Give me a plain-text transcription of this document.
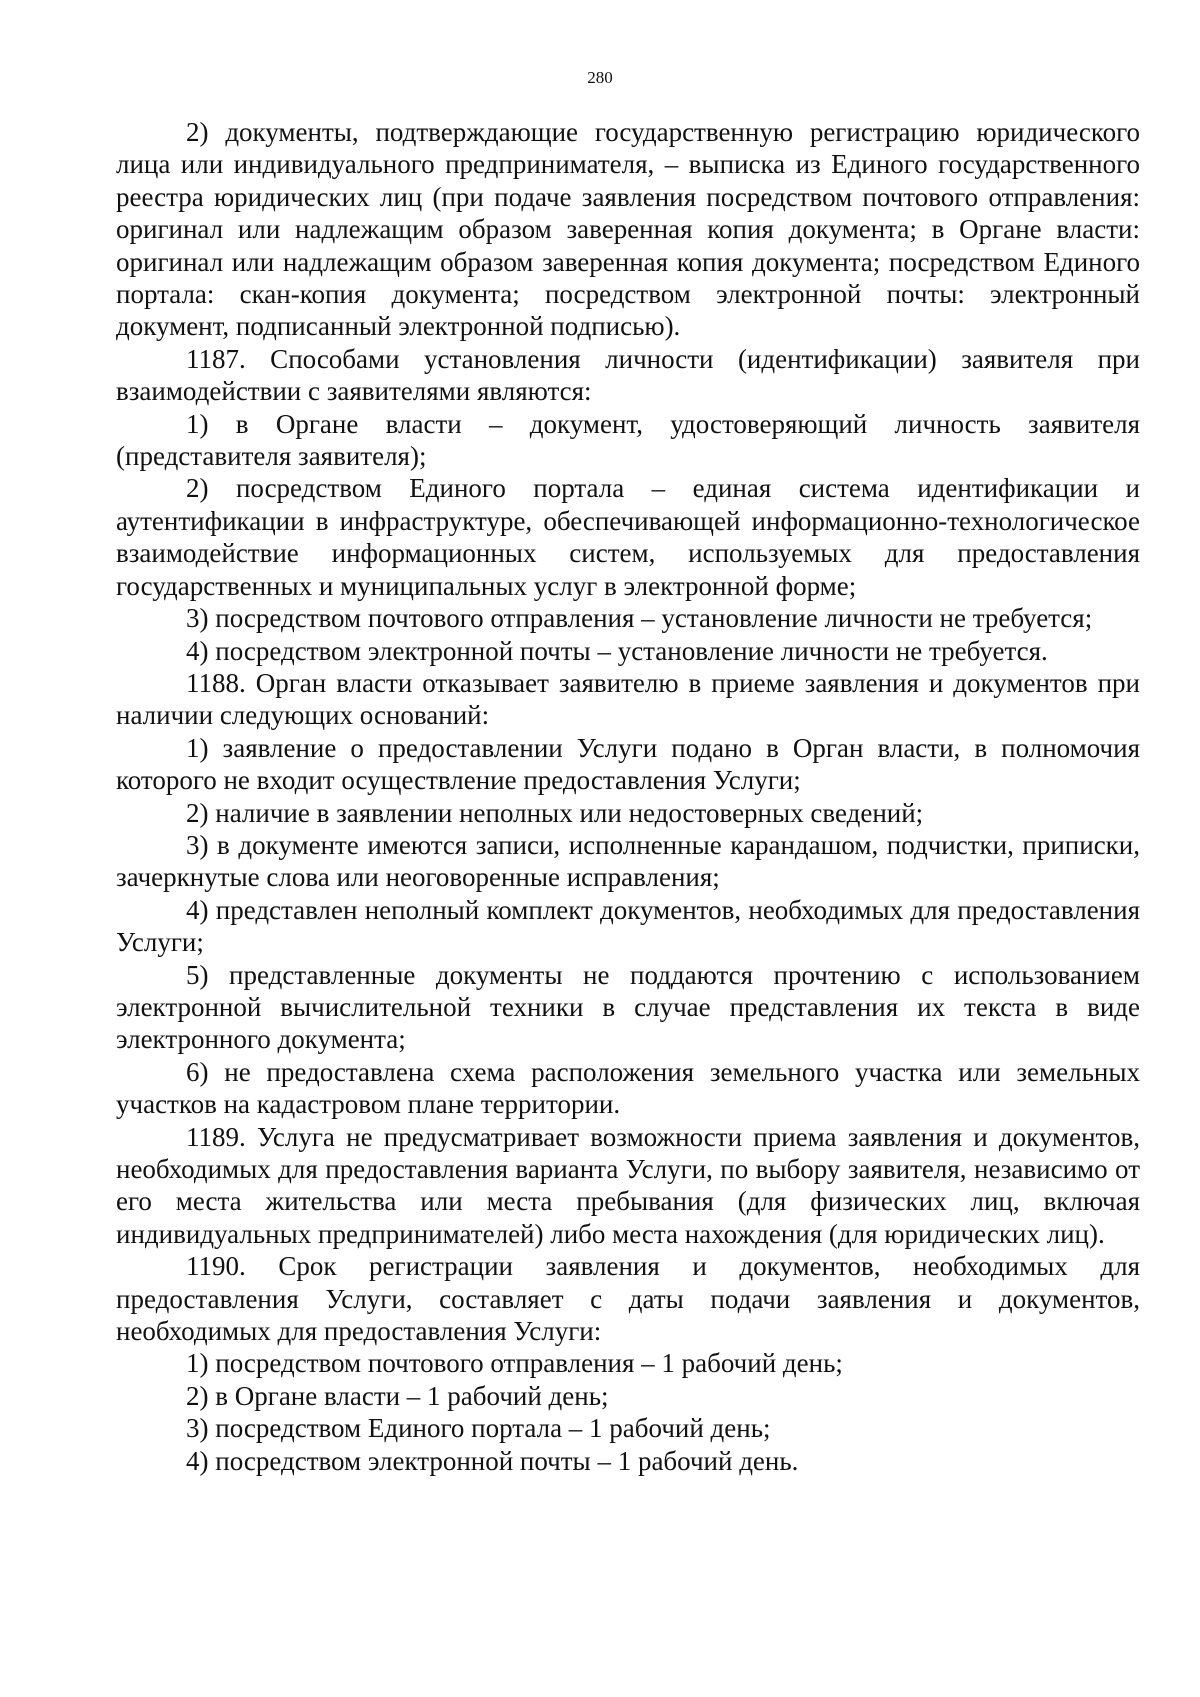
280

2) документы, подтверждающие государственную регистрацию юридического лица или индивидуального предпринимателя, – выписка из Единого государственного реестра юридических лиц (при подаче заявления посредством почтового отправления: оригинал или надлежащим образом заверенная копия документа; в Органе власти: оригинал или надлежащим образом заверенная копия документа; посредством Единого портала: скан-копия документа; посредством электронной почты: электронный документ, подписанный электронной подписью).

1187. Способами установления личности (идентификации) заявителя при взаимодействии с заявителями являются:

1) в Органе власти – документ, удостоверяющий личность заявителя (представителя заявителя);

2) посредством Единого портала – единая система идентификации и аутентификации в инфраструктуре, обеспечивающей информационно-технологическое взаимодействие информационных систем, используемых для предоставления государственных и муниципальных услуг в электронной форме;

3) посредством почтового отправления – установление личности не требуется;

4) посредством электронной почты – установление личности не требуется.

1188. Орган власти отказывает заявителю в приеме заявления и документов при наличии следующих оснований:

1) заявление о предоставлении Услуги подано в Орган власти, в полномочия которого не входит осуществление предоставления Услуги;

2) наличие в заявлении неполных или недостоверных сведений;

3) в документе имеются записи, исполненные карандашом, подчистки, приписки, зачеркнутые слова или неоговоренные исправления;

4) представлен неполный комплект документов, необходимых для предоставления Услуги;

5) представленные документы не поддаются прочтению с использованием электронной вычислительной техники в случае представления их текста в виде электронного документа;

6) не предоставлена схема расположения земельного участка или земельных участков на кадастровом плане территории.

1189. Услуга не предусматривает возможности приема заявления и документов, необходимых для предоставления варианта Услуги, по выбору заявителя, независимо от его места жительства или места пребывания (для физических лиц, включая индивидуальных предпринимателей) либо места нахождения (для юридических лиц).

1190. Срок регистрации заявления и документов, необходимых для предоставления Услуги, составляет с даты подачи заявления и документов, необходимых для предоставления Услуги:

1) посредством почтового отправления – 1 рабочий день;

2) в Органе власти – 1 рабочий день;

3) посредством Единого портала – 1 рабочий день;

4) посредством электронной почты – 1 рабочий день.
